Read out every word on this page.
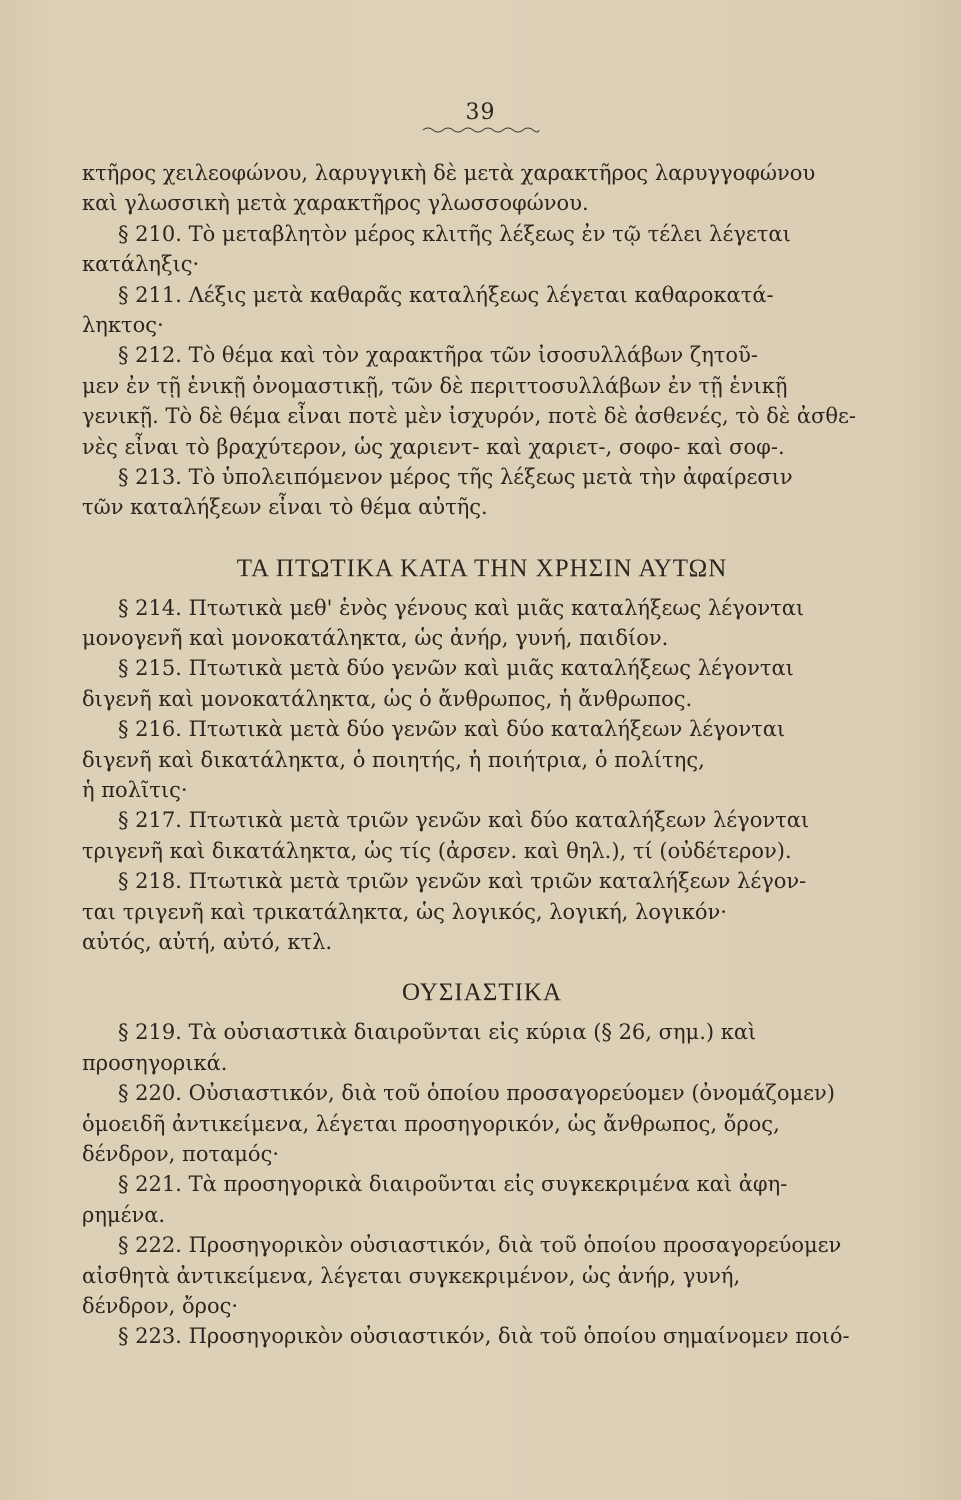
39
κτῆρος χειλεοφώνου, λαρυγγικὴ δὲ μετὰ χαρακτῆρος λαρυγγοφώνου
καὶ γλωσσικὴ μετὰ χαρακτῆρος γλωσσοφώνου.
§ 210. Τὸ μεταβλητὸν μέρος κλιτῆς λέξεως ἐν τῷ τέλει λέγεται
κατάληξις·
§ 211. Λέξις μετὰ καθαρᾶς καταλήξεως λέγεται καθαροκατά-
ληκτος·
§ 212. Τὸ θέμα καὶ τὸν χαρακτῆρα τῶν ἰσοσυλλάβων ζητοῦ-
μεν ἐν τῇ ἑνικῇ ὀνομαστικῇ, τῶν δὲ περιττοσυλλάβων ἐν τῇ ἑνικῇ
γενικῇ. Τὸ δὲ θέμα εἶναι ποτὲ μὲν ἰσχυρόν, ποτὲ δὲ ἀσθενές, τὸ δὲ ἀσθε-
νὲς εἶναι τὸ βραχύτερον, ὡς χαριεντ- καὶ χαριετ-, σοφο- καὶ σοφ-.
§ 213. Τὸ ὑπολειπόμενον μέρος τῆς λέξεως μετὰ τὴν ἀφαίρεσιν
τῶν καταλήξεων εἶναι τὸ θέμα αὐτῆς.
ΤΑ ΠΤΩΤΙΚΑ ΚΑΤΑ ΤΗΝ ΧΡΗΣΙΝ ΑΥΤΩΝ
§ 214. Πτωτικὰ μεθ' ἑνὸς γένους καὶ μιᾶς καταλήξεως λέγονται
μονογενῆ καὶ μονοκατάληκτα, ὡς ἀνήρ, γυνή, παιδίον.
§ 215. Πτωτικὰ μετὰ δύο γενῶν καὶ μιᾶς καταλήξεως λέγονται
διγενῆ καὶ μονοκατάληκτα, ὡς ὁ ἄνθρωπος, ἡ ἄνθρωπος.
§ 216. Πτωτικὰ μετὰ δύο γενῶν καὶ δύο καταλήξεων λέγονται
διγενῆ καὶ δικατάληκτα, ὁ ποιητής, ἡ ποιήτρια, ὁ πολίτης,
ἡ πολῖτις·
§ 217. Πτωτικὰ μετὰ τριῶν γενῶν καὶ δύο καταλήξεων λέγονται
τριγενῆ καὶ δικατάληκτα, ὡς τίς (ἀρσεν. καὶ θηλ.), τί (οὐδέτερον).
§ 218. Πτωτικὰ μετὰ τριῶν γενῶν καὶ τριῶν καταλήξεων λέγον-
ται τριγενῆ καὶ τρικατάληκτα, ὡς λογικός, λογική, λογικόν·
αὐτός, αὐτή, αὐτό, κτλ.
ΟΥΣΙΑΣΤΙΚΑ
§ 219. Τὰ οὐσιαστικὰ διαιροῦνται εἰς κύρια (§ 26, σημ.) καὶ
προσηγορικά.
§ 220. Οὐσιαστικόν, διὰ τοῦ ὁποίου προσαγορεύομεν (ὀνομάζομεν)
ὁμοειδῆ ἀντικείμενα, λέγεται προσηγορικόν, ὡς ἄνθρωπος, ὄρος,
δένδρον, ποταμός·
§ 221. Τὰ προσηγορικὰ διαιροῦνται εἰς συγκεκριμένα καὶ ἀφη-
ρημένα.
§ 222. Προσηγορικὸν οὐσιαστικόν, διὰ τοῦ ὁποίου προσαγορεύομεν
αἰσθητὰ ἀντικείμενα, λέγεται συγκεκριμένον, ὡς ἀνήρ, γυνή,
δένδρον, ὄρος·
§ 223. Προσηγορικὸν οὐσιαστικόν, διὰ τοῦ ὁποίου σημαίνομεν ποιό-
